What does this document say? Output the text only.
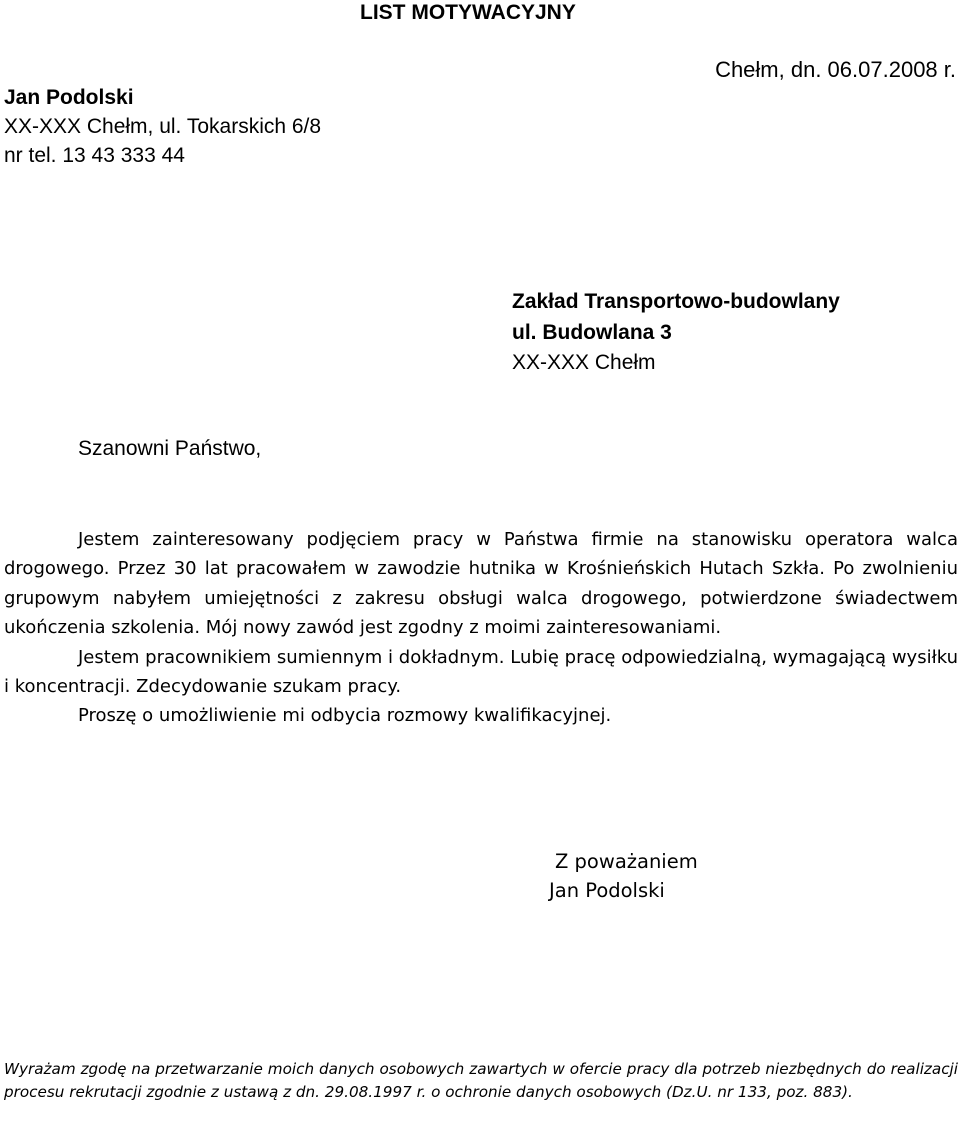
LIST MOTYWACYJNY
Chełm, dn. 06.07.2008 r.
Jan Podolski
XX-XXX Chełm, ul. Tokarskich 6/8
nr tel. 13 43 333 44
Zakład Transportowo-budowlany
ul. Budowlana 3
XX-XXX Chełm
Szanowni Państwo,

Jestem zainteresowany podjęciem pracy w Państwa firmie na stanowisku operatora walca drogowego. Przez 30 lat pracowałem w zawodzie hutnika w Krośnieńskich Hutach Szkła. Po zwolnieniu grupowym nabyłem umiejętności z zakresu obsługi walca drogowego, potwierdzone świadectwem ukończenia szkolenia. Mój nowy zawód jest zgodny z moimi zainteresowaniami.

Jestem pracownikiem sumiennym i dokładnym. Lubię pracę odpowiedzialną, wymagającą wysiłku i koncentracji. Zdecydowanie szukam pracy.

Proszę o umożliwienie mi odbycia rozmowy kwalifikacyjnej.

Z poważaniem
Jan Podolski
Wyrażam zgodę na przetwarzanie moich danych osobowych zawartych w ofercie pracy dla potrzeb niezbędnych do realizacji procesu rekrutacji zgodnie z ustawą z dn. 29.08.1997 r. o ochronie danych osobowych (Dz.U. nr 133, poz. 883).
